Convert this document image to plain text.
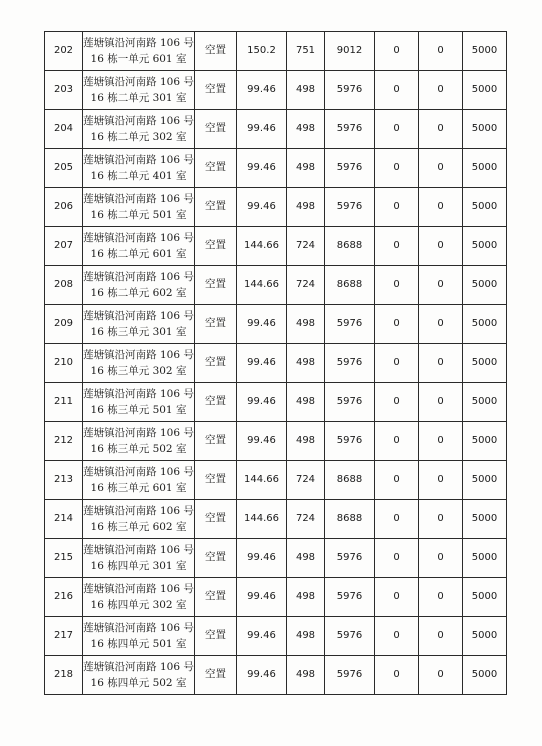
202	莲塘镇沿河南路 106 号
16 栋一单元 601 室	空置	150.2	751	9012	0	0	5000
203	莲塘镇沿河南路 106 号
16 栋二单元 301 室	空置	99.46	498	5976	0	0	5000
204	莲塘镇沿河南路 106 号
16 栋二单元 302 室	空置	99.46	498	5976	0	0	5000
205	莲塘镇沿河南路 106 号
16 栋二单元 401 室	空置	99.46	498	5976	0	0	5000
206	莲塘镇沿河南路 106 号
16 栋二单元 501 室	空置	99.46	498	5976	0	0	5000
207	莲塘镇沿河南路 106 号
16 栋二单元 601 室	空置	144.66	724	8688	0	0	5000
208	莲塘镇沿河南路 106 号
16 栋二单元 602 室	空置	144.66	724	8688	0	0	5000
209	莲塘镇沿河南路 106 号
16 栋三单元 301 室	空置	99.46	498	5976	0	0	5000
210	莲塘镇沿河南路 106 号
16 栋三单元 302 室	空置	99.46	498	5976	0	0	5000
211	莲塘镇沿河南路 106 号
16 栋三单元 501 室	空置	99.46	498	5976	0	0	5000
212	莲塘镇沿河南路 106 号
16 栋三单元 502 室	空置	99.46	498	5976	0	0	5000
213	莲塘镇沿河南路 106 号
16 栋三单元 601 室	空置	144.66	724	8688	0	0	5000
214	莲塘镇沿河南路 106 号
16 栋三单元 602 室	空置	144.66	724	8688	0	0	5000
215	莲塘镇沿河南路 106 号
16 栋四单元 301 室	空置	99.46	498	5976	0	0	5000
216	莲塘镇沿河南路 106 号
16 栋四单元 302 室	空置	99.46	498	5976	0	0	5000
217	莲塘镇沿河南路 106 号
16 栋四单元 501 室	空置	99.46	498	5976	0	0	5000
218	莲塘镇沿河南路 106 号
16 栋四单元 502 室	空置	99.46	498	5976	0	0	5000
